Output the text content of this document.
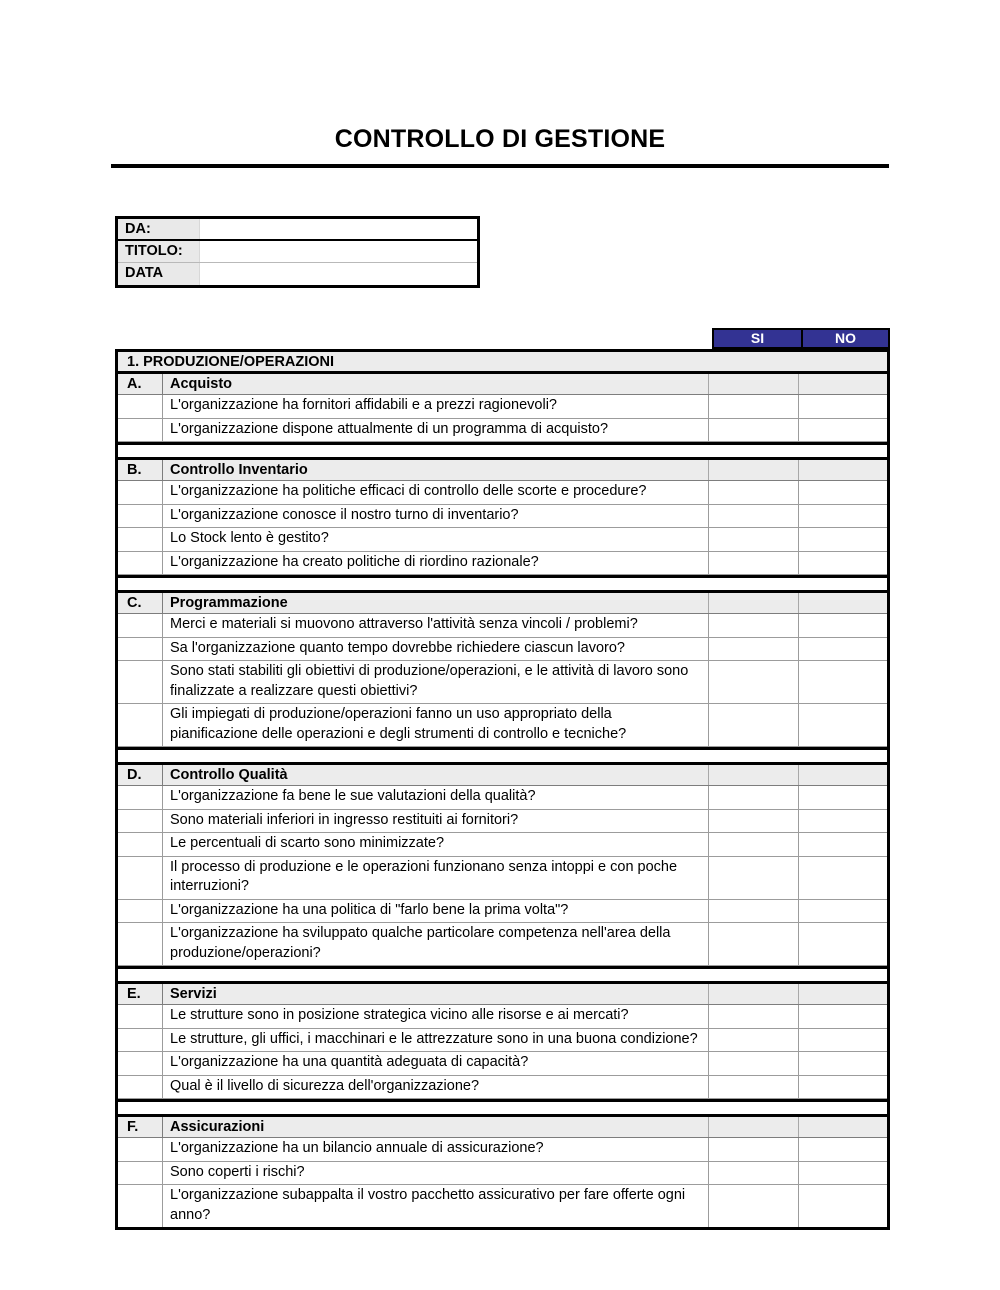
CONTROLLO DI GESTIONE
DA:
TITOLO:
DATA
SI	NO
1. PRODUZIONE/OPERAZIONI
A.	Acquisto
L'organizzazione ha fornitori affidabili e a prezzi ragionevoli?
L'organizzazione dispone attualmente di un programma di acquisto?
B.	Controllo Inventario
L'organizzazione ha politiche efficaci di controllo delle scorte e procedure?
L'organizzazione conosce il nostro turno di inventario?
Lo Stock lento è gestito?
L'organizzazione ha creato politiche di riordino razionale?
C.	Programmazione
Merci e materiali si muovono attraverso l'attività senza vincoli / problemi?
Sa l'organizzazione quanto tempo dovrebbe richiedere ciascun lavoro?
Sono stati stabiliti gli obiettivi di produzione/operazioni, e le attività di lavoro sono finalizzate a realizzare questi obiettivi?
Gli impiegati di produzione/operazioni fanno un uso appropriato della pianificazione delle operazioni e degli strumenti di controllo e tecniche?
D.	Controllo Qualità
L'organizzazione fa bene le sue valutazioni della qualità?
Sono materiali inferiori in ingresso restituiti ai fornitori?
Le percentuali di scarto sono minimizzate?
Il processo di produzione e le operazioni funzionano senza intoppi e con poche interruzioni?
L'organizzazione ha una politica di "farlo bene la prima volta"?
L'organizzazione ha sviluppato qualche particolare competenza nell'area della produzione/operazioni?
E.	Servizi
Le strutture sono in posizione strategica vicino alle risorse e ai mercati?
Le strutture, gli uffici, i macchinari e le attrezzature sono in una buona condizione?
L'organizzazione ha una quantità adeguata di capacità?
Qual è il livello di sicurezza dell'organizzazione?
F.	Assicurazioni
L'organizzazione ha un bilancio annuale di assicurazione?
Sono coperti i rischi?
L'organizzazione subappalta il vostro pacchetto assicurativo per fare offerte ogni anno?
